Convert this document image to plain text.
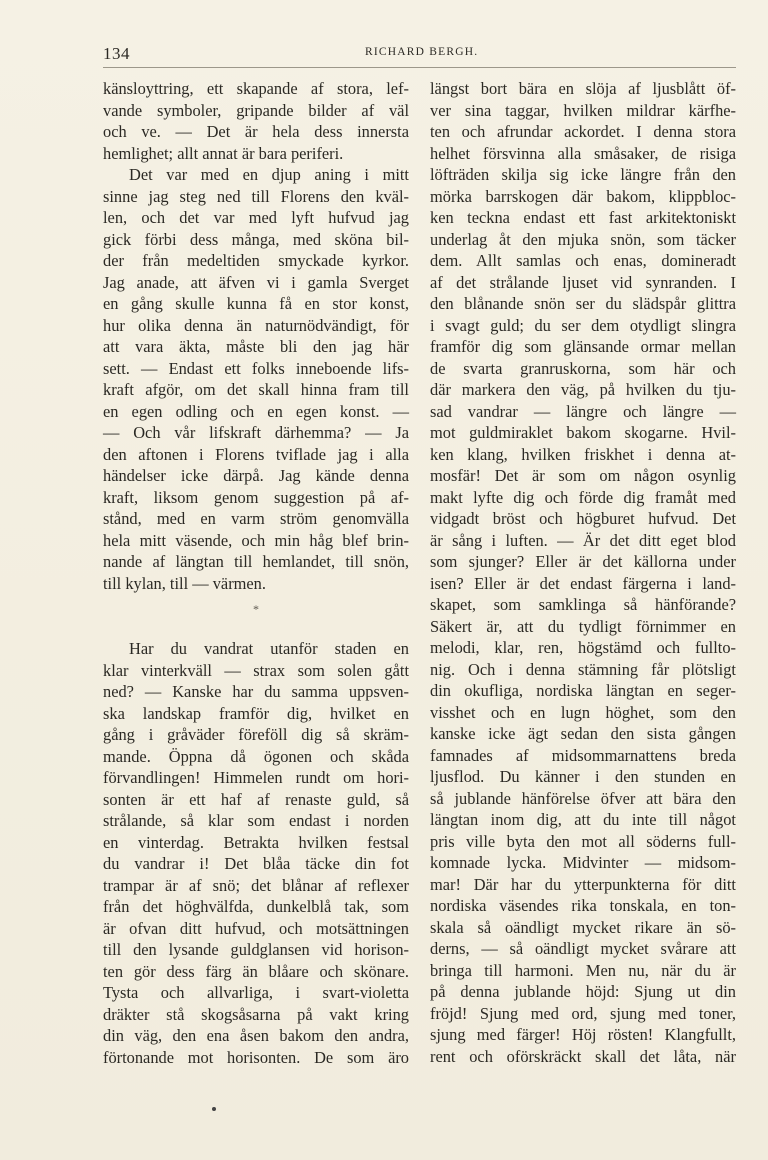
134	RICHARD BERGH.
känsloyttring, ett skapande af stora, lef-
vande symboler, gripande bilder af väl
och ve. — Det är hela dess innersta
hemlighet; allt annat är bara periferi.
Det var med en djup aning i mitt
sinne jag steg ned till Florens den kväl-
len, och det var med lyft hufvud jag
gick förbi dess många, med sköna bil-
der från medeltiden smyckade kyrkor.
Jag anade, att äfven vi i gamla Sverget
en gång skulle kunna få en stor konst,
hur olika denna än naturnödvändigt, för
att vara äkta, måste bli den jag här
sett. — Endast ett folks inneboende lifs-
kraft afgör, om det skall hinna fram till
en egen odling och en egen konst. —
— Och vår lifskraft därhemma? — Ja
den aftonen i Florens tviflade jag i alla
händelser icke därpå. Jag kände denna
kraft, liksom genom suggestion på af-
stånd, med en varm ström genomvälla
hela mitt väsende, och min håg blef brin-
nande af längtan till hemlandet, till snön,
till kylan, till — värmen.
*
Har du vandrat utanför staden en
klar vinterkväll — strax som solen gått
ned? — Kanske har du samma uppsven-
ska landskap framför dig, hvilket en
gång i gråväder föreföll dig så skräm-
mande. Öppna då ögonen och skåda
förvandlingen! Himmelen rundt om hori-
sonten är ett haf af renaste guld, så
strålande, så klar som endast i norden
en vinterdag. Betrakta hvilken festsal
du vandrar i! Det blåa täcke din fot
trampar är af snö; det blånar af reflexer
från det höghvälfda, dunkelblå tak, som
är ofvan ditt hufvud, och motsättningen
till den lysande guldglansen vid horison-
ten gör dess färg än blåare och skönare.
Tysta och allvarliga, i svart-violetta
dräkter stå skogsåsarna på vakt kring
din väg, den ena åsen bakom den andra,
förtonande mot horisonten. De som äro
längst bort bära en slöja af ljusblått öf-
ver sina taggar, hvilken mildrar kärfhe-
ten och afrundar ackordet. I denna stora
helhet försvinna alla småsaker, de risiga
löfträden skilja sig icke längre från den
mörka barrskogen där bakom, klippbloc-
ken teckna endast ett fast arkitektoniskt
underlag åt den mjuka snön, som täcker
dem. Allt samlas och enas, domineradt
af det strålande ljuset vid synranden. I
den blånande snön ser du slädspår glittra
i svagt guld; du ser dem otydligt slingra
framför dig som glänsande ormar mellan
de svarta granruskorna, som här och
där markera den väg, på hvilken du tju-
sad vandrar — längre och längre —
mot guldmiraklet bakom skogarne. Hvil-
ken klang, hvilken friskhet i denna at-
mosfär! Det är som om någon osynlig
makt lyfte dig och förde dig framåt med
vidgadt bröst och högburet hufvud. Det
är sång i luften. — Är det ditt eget blod
som sjunger? Eller är det källorna under
isen? Eller är det endast färgerna i land-
skapet, som samklinga så hänförande?
Säkert är, att du tydligt förnimmer en
melodi, klar, ren, högstämd och fullto-
nig. Och i denna stämning får plötsligt
din okufliga, nordiska längtan en seger-
visshet och en lugn höghet, som den
kanske icke ägt sedan den sista gången
famnades af midsommarnattens breda
ljusflod. Du känner i den stunden en
så jublande hänförelse öfver att bära den
längtan inom dig, att du inte till något
pris ville byta den mot all söderns full-
komnade lycka. Midvinter — midsom-
mar! Där har du ytterpunkterna för ditt
nordiska väsendes rika tonskala, en ton-
skala så oändligt mycket rikare än sö-
derns, — så oändligt mycket svårare att
bringa till harmoni. Men nu, när du är
på denna jublande höjd: Sjung ut din
fröjd! Sjung med ord, sjung med toner,
sjung med färger! Höj rösten! Klangfullt,
rent och oförskräckt skall det låta, när
